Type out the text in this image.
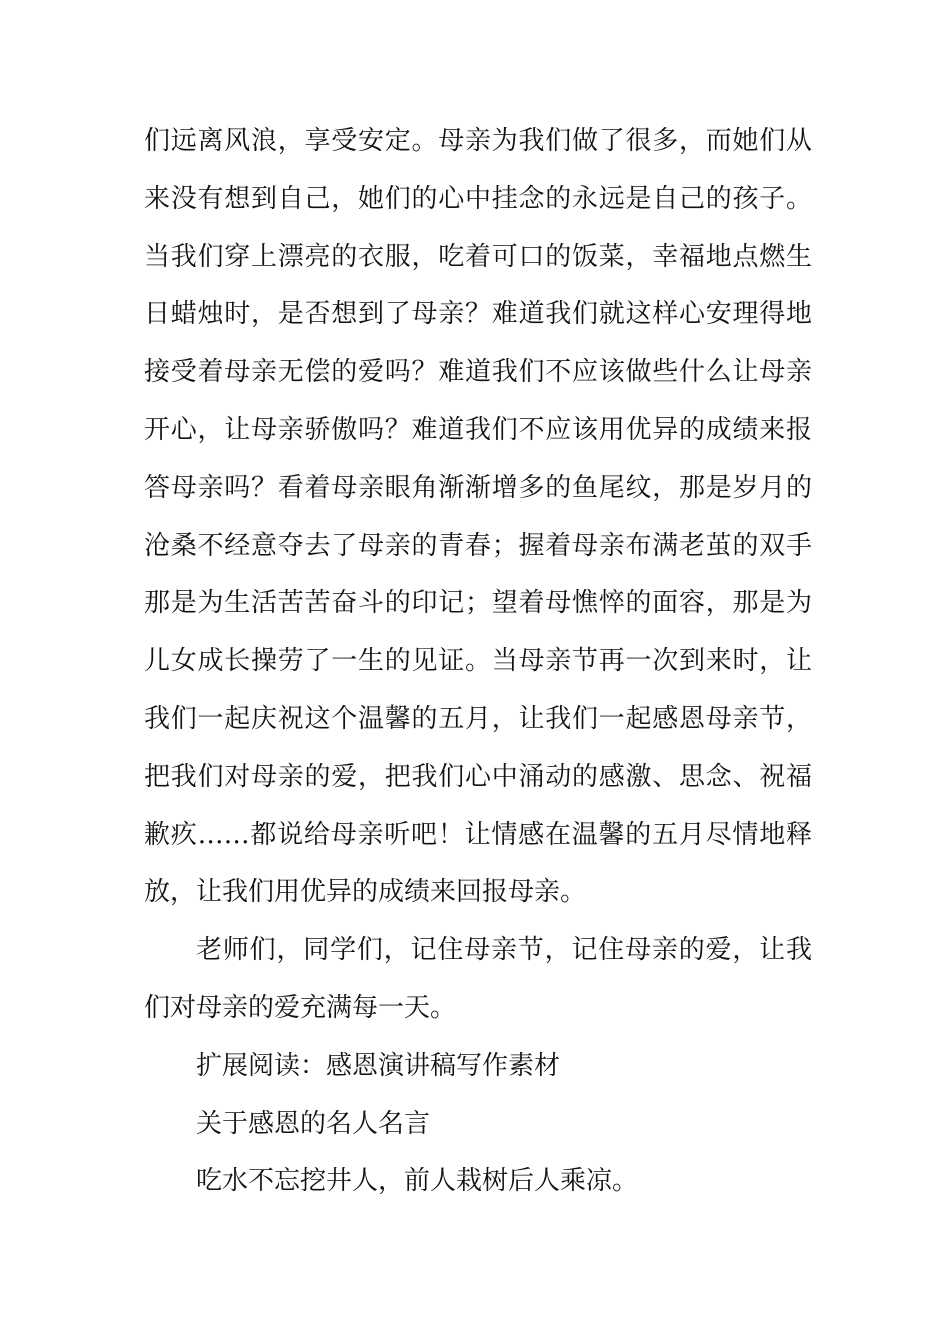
们远离风浪，享受安定。母亲为我们做了很多，而她们从
来没有想到自己，她们的心中挂念的永远是自己的孩子。
当我们穿上漂亮的衣服，吃着可口的饭菜，幸福地点燃生
日蜡烛时，是否想到了母亲？难道我们就这样心安理得地
接受着母亲无偿的爱吗？难道我们不应该做些什么让母亲
开心，让母亲骄傲吗？难道我们不应该用优异的成绩来报
答母亲吗？看着母亲眼角渐渐增多的鱼尾纹，那是岁月的
沧桑不经意夺去了母亲的青春；握着母亲布满老茧的双手
那是为生活苦苦奋斗的印记；望着母憔悴的面容，那是为
儿女成长操劳了一生的见证。当母亲节再一次到来时，让
我们一起庆祝这个温馨的五月，让我们一起感恩母亲节，
把我们对母亲的爱，把我们心中涌动的感激、思念、祝福
歉疚……都说给母亲听吧！让情感在温馨的五月尽情地释
放，让我们用优异的成绩来回报母亲。
老师们，同学们，记住母亲节，记住母亲的爱，让我
们对母亲的爱充满每一天。
扩展阅读：感恩演讲稿写作素材
关于感恩的名人名言
吃水不忘挖井人，前人栽树后人乘凉。
